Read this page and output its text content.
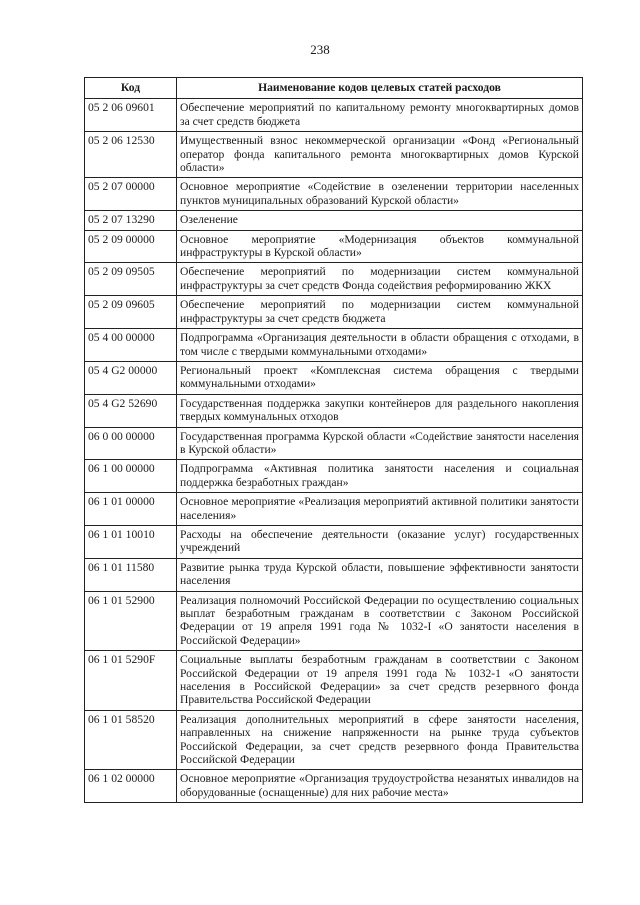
238
Код	Наименование кодов целевых статей расходов
05 2 06 09601	Обеспечение мероприятий по капитальному ремонту многоквартирных домов за счет средств бюджета
05 2 06 12530	Имущественный взнос некоммерческой организации «Фонд «Региональный оператор фонда капитального ремонта многоквартирных домов Курской области»
05 2 07 00000	Основное мероприятие «Содействие в озеленении территории населенных пунктов муниципальных образований Курской области»
05 2 07 13290	Озеленение
05 2 09 00000	Основное мероприятие «Модернизация объектов коммунальной инфраструктуры в Курской области»
05 2 09 09505	Обеспечение мероприятий по модернизации систем коммунальной инфраструктуры за счет средств Фонда содействия реформированию ЖКХ
05 2 09 09605	Обеспечение мероприятий по модернизации систем коммунальной инфраструктуры за счет средств бюджета
05 4 00 00000	Подпрограмма «Организация деятельности в области обращения с отходами, в том числе с твердыми коммунальными отходами»
05 4 G2 00000	Региональный проект «Комплексная система обращения с твердыми коммунальными отходами»
05 4 G2 52690	Государственная поддержка закупки контейнеров для раздельного накопления твердых коммунальных отходов
06 0 00 00000	Государственная программа Курской области «Содействие занятости населения в Курской области»
06 1 00 00000	Подпрограмма «Активная политика занятости населения и социальная поддержка безработных граждан»
06 1 01 00000	Основное мероприятие «Реализация мероприятий активной политики занятости населения»
06 1 01 10010	Расходы на обеспечение деятельности (оказание услуг) государственных учреждений
06 1 01 11580	Развитие рынка труда Курской области, повышение эффективности занятости населения
06 1 01 52900	Реализация полномочий Российской Федерации по осуществлению социальных выплат безработным гражданам в соответствии с Законом Российской Федерации от 19 апреля 1991 года № 1032-I «О занятости населения в Российской Федерации»
06 1 01 5290F	Социальные выплаты безработным гражданам в соответствии с Законом Российской Федерации от 19 апреля 1991 года № 1032-1 «О занятости населения в Российской Федерации» за счет средств резервного фонда Правительства Российской Федерации
06 1 01 58520	Реализация дополнительных мероприятий в сфере занятости населения, направленных на снижение напряженности на рынке труда субъектов Российской Федерации, за счет средств резервного фонда Правительства Российской Федерации
06 1 02 00000	Основное мероприятие «Организация трудоустройства незанятых инвалидов на оборудованные (оснащенные) для них рабочие места»
